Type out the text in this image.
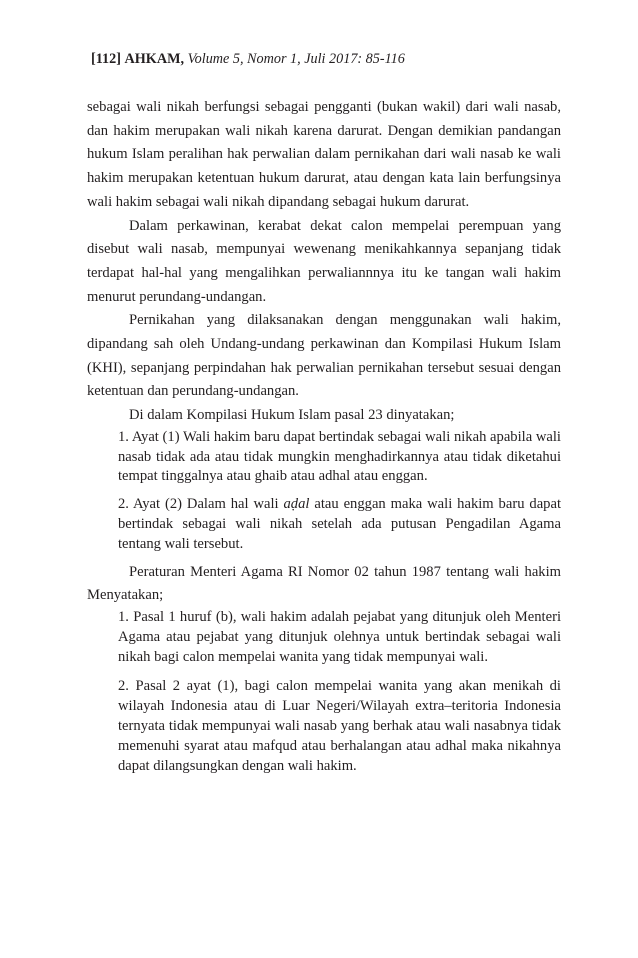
[112] AHKAM, Volume 5, Nomor 1, Juli 2017: 85-116

sebagai wali nikah berfungsi sebagai pengganti (bukan wakil) dari wali nasab, dan hakim merupakan wali nikah karena darurat. Dengan demikian pandangan hukum Islam peralihan hak perwalian dalam pernikahan dari wali nasab ke wali hakim merupakan ketentuan hukum darurat, atau dengan kata lain berfungsinya wali hakim sebagai wali nikah dipandang sebagai hukum darurat.

Dalam perkawinan, kerabat dekat calon mempelai perempuan yang disebut wali nasab, mempunyai wewenang menikahkannya sepanjang tidak terdapat hal-hal yang mengalihkan perwaliannnya itu ke tangan wali hakim menurut perundang-undangan.

Pernikahan yang dilaksanakan dengan menggunakan wali hakim, dipandang sah oleh Undang-undang perkawinan dan Kompilasi Hukum Islam (KHI), sepanjang perpindahan hak perwalian pernikahan tersebut sesuai dengan ketentuan dan perundang-undangan.

Di dalam Kompilasi Hukum Islam pasal 23 dinyatakan;

1. Ayat (1) Wali hakim baru dapat bertindak sebagai wali nikah apabila wali nasab tidak ada atau tidak mungkin menghadirkannya atau tidak diketahui tempat tinggalnya atau ghaib atau adhal atau enggan.

2. Ayat (2) Dalam hal wali aḍal atau enggan maka wali hakim baru dapat bertindak sebagai wali nikah setelah ada putusan Pengadilan Agama tentang wali tersebut.

Peraturan Menteri Agama RI Nomor 02 tahun 1987 tentang wali hakim Menyatakan;

1. Pasal 1 huruf (b), wali hakim adalah pejabat yang ditunjuk oleh Menteri Agama atau pejabat yang ditunjuk olehnya untuk bertindak sebagai wali nikah bagi calon mempelai wanita yang tidak mempunyai wali.

2. Pasal 2 ayat (1), bagi calon mempelai wanita yang akan menikah di wilayah Indonesia atau di Luar Negeri/Wilayah extra–teritoria Indonesia ternyata tidak mempunyai wali nasab yang berhak atau wali nasabnya tidak memenuhi syarat atau mafqud atau berhalangan atau adhal maka nikahnya dapat dilangsungkan dengan wali hakim.
